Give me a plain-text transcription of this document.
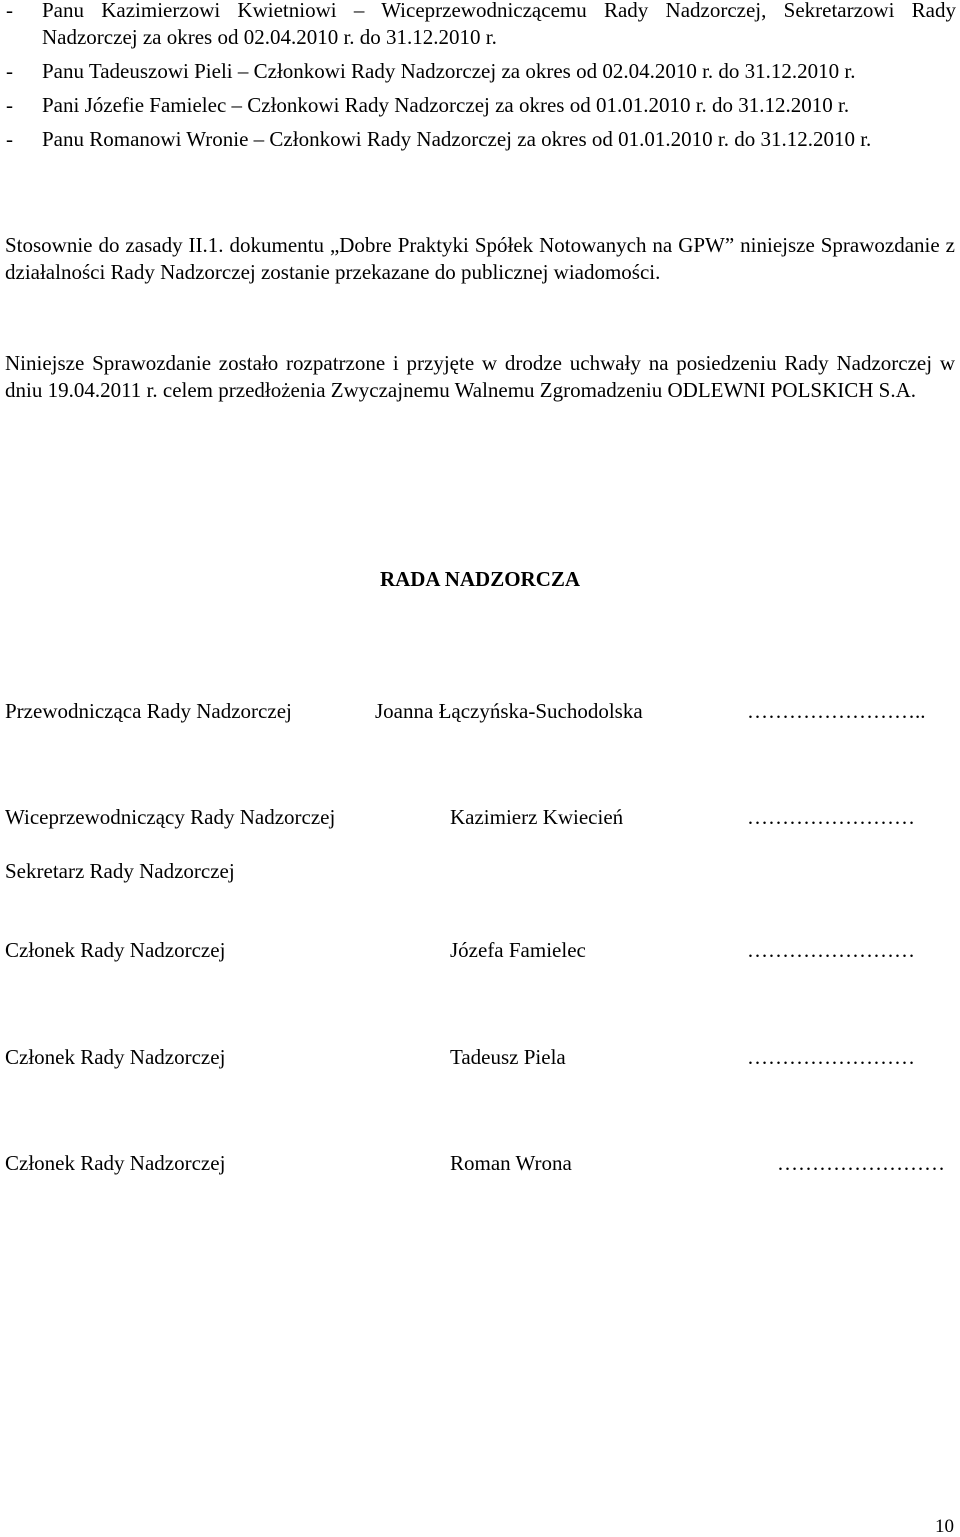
-	Panu Kazimierzowi Kwietniowi – Wiceprzewodniczącemu Rady Nadzorczej, Sekretarzowi Rady Nadzorczej za okres od 02.04.2010 r. do 31.12.2010 r.
-	Panu Tadeuszowi Pieli – Członkowi Rady Nadzorczej za okres od 02.04.2010 r. do 31.12.2010 r.
-	Pani Józefie Famielec – Członkowi Rady Nadzorczej za okres od 01.01.2010 r. do 31.12.2010 r.
-	Panu Romanowi Wronie – Członkowi Rady Nadzorczej za okres od 01.01.2010 r. do 31.12.2010 r.

Stosownie do zasady II.1. dokumentu „Dobre Praktyki Spółek Notowanych na GPW” niniejsze Sprawozdanie z działalności Rady Nadzorczej zostanie przekazane do publicznej wiadomości.

Niniejsze Sprawozdanie zostało rozpatrzone i przyjęte w drodze uchwały na posiedzeniu Rady Nadzorczej w dniu 19.04.2011 r. celem przedłożenia Zwyczajnemu Walnemu Zgromadzeniu ODLEWNI POLSKICH S.A.

RADA NADZORCZA
Przewodnicząca Rady Nadzorczej	Joanna Łączyńska-Suchodolska	……………………..
Wiceprzewodniczący Rady Nadzorczej	Kazimierz Kwiecień	……………………
Sekretarz Rady Nadzorczej
Członek Rady Nadzorczej	Józefa Famielec	……………………
Członek Rady Nadzorczej	Tadeusz Piela	……………………
Członek Rady Nadzorczej	Roman Wrona	……………………
10
